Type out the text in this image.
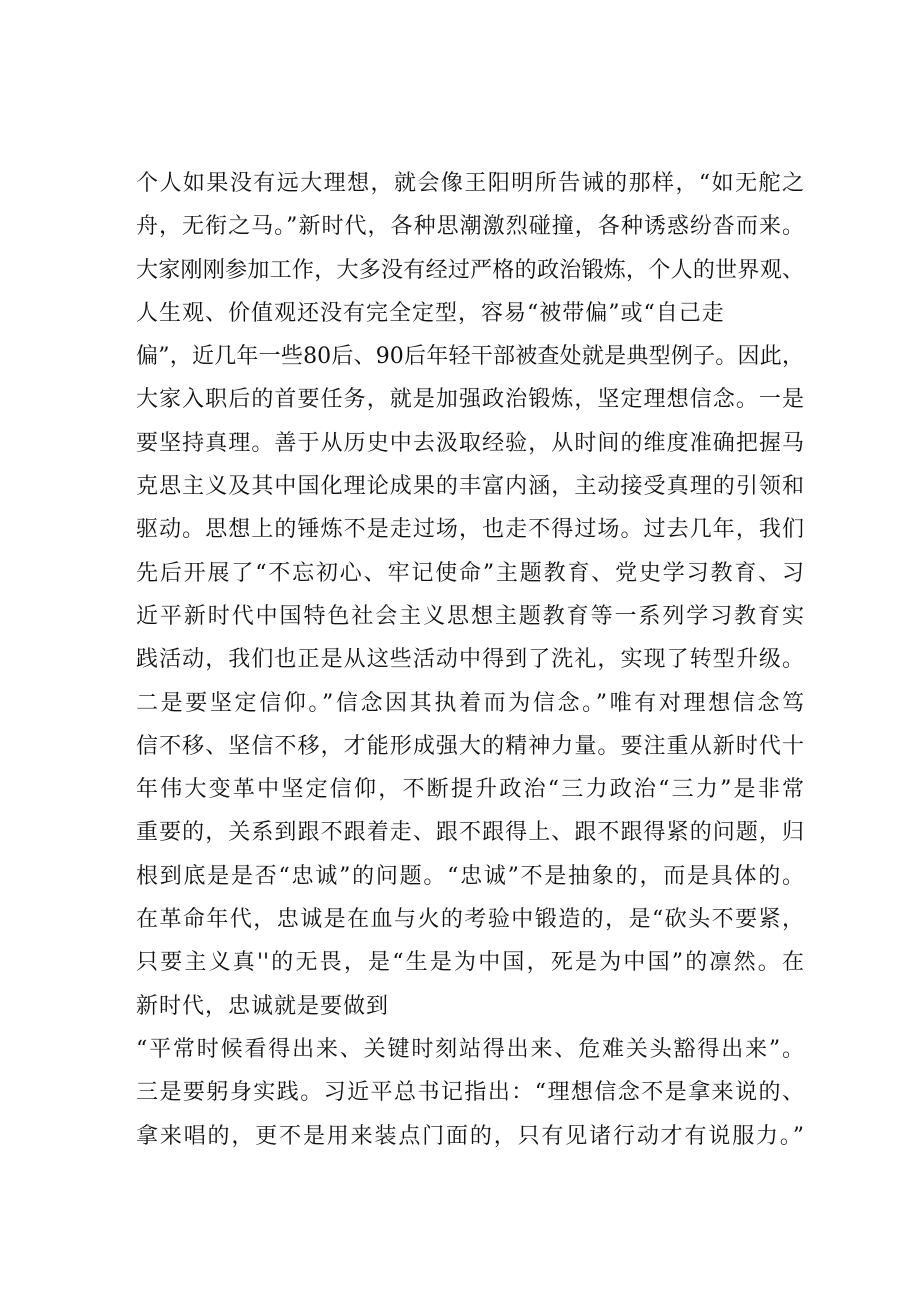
个人如果没有远大理想，就会像王阳明所告诫的那样，“如无舵之
舟，无衔之马。”新时代，各种思潮激烈碰撞，各种诱惑纷沓而来。
大家刚刚参加工作，大多没有经过严格的政治锻炼，个人的世界观、
人生观、价值观还没有完全定型，容易“被带偏”或“自己走
偏”，近几年一些80后、90后年轻干部被查处就是典型例子。因此，
大家入职后的首要任务，就是加强政治锻炼，坚定理想信念。一是
要坚持真理。善于从历史中去汲取经验，从时间的维度准确把握马
克思主义及其中国化理论成果的丰富内涵，主动接受真理的引领和
驱动。思想上的锤炼不是走过场，也走不得过场。过去几年，我们
先后开展了“不忘初心、牢记使命”主题教育、党史学习教育、习
近平新时代中国特色社会主义思想主题教育等一系列学习教育实
践活动，我们也正是从这些活动中得到了洗礼，实现了转型升级。
二是要坚定信仰。”信念因其执着而为信念。”唯有对理想信念笃
信不移、坚信不移，才能形成强大的精神力量。要注重从新时代十
年伟大变革中坚定信仰，不断提升政治“三力政治“三力”是非常
重要的，关系到跟不跟着走、跟不跟得上、跟不跟得紧的问题，归
根到底是是否“忠诚”的问题。“忠诚”不是抽象的，而是具体的。
在革命年代，忠诚是在血与火的考验中锻造的，是“砍头不要紧，
只要主义真''的无畏，是“生是为中国，死是为中国”的凛然。在
新时代，忠诚就是要做到
“平常时候看得出来、关键时刻站得出来、危难关头豁得出来”。
三是要躬身实践。习近平总书记指出：“理想信念不是拿来说的、
拿来唱的，更不是用来装点门面的，只有见诸行动才有说服力。”
